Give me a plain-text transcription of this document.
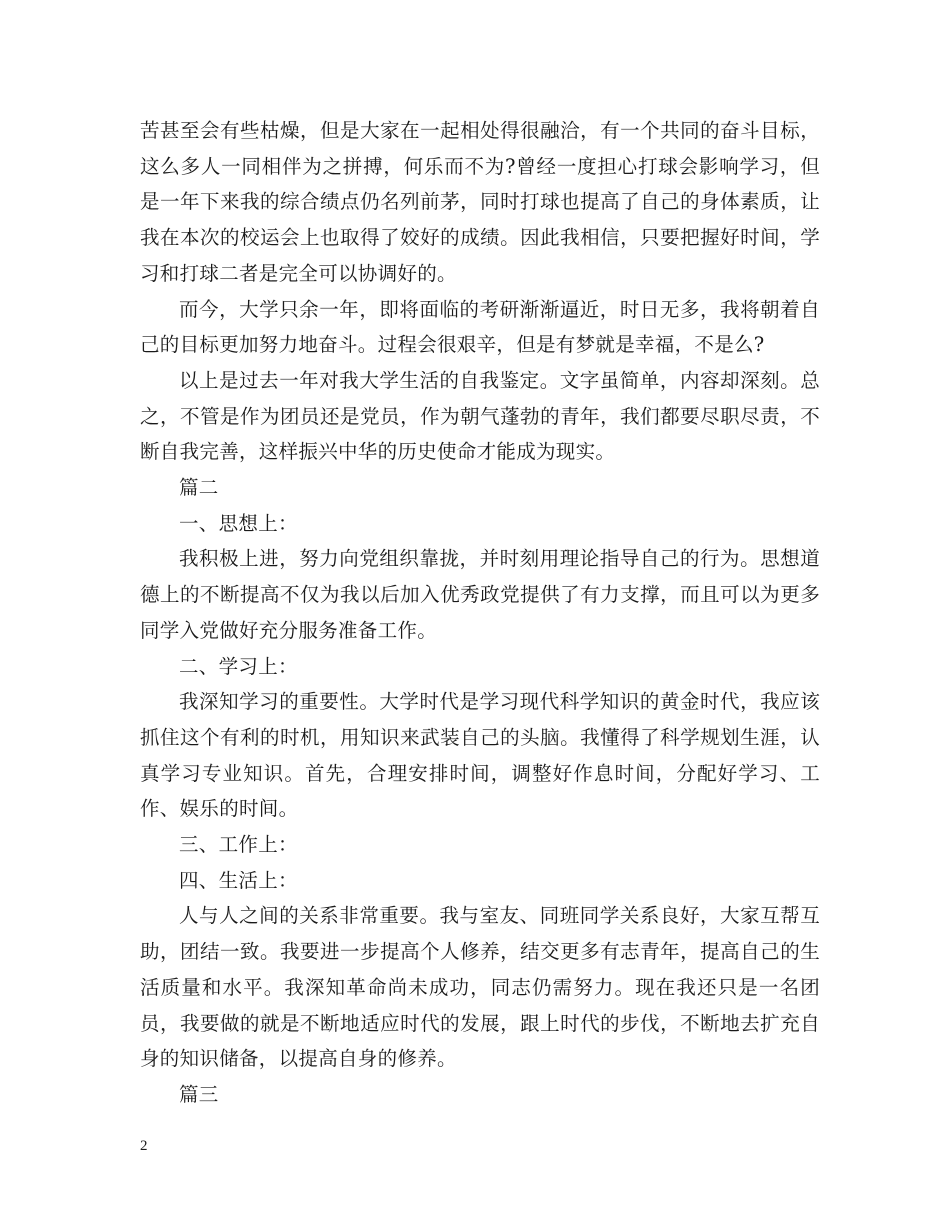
苦甚至会有些枯燥，但是大家在一起相处得很融洽，有一个共同的奋斗目标，这么多人一同相伴为之拼搏，何乐而不为?曾经一度担心打球会影响学习，但是一年下来我的综合绩点仍名列前茅，同时打球也提高了自己的身体素质，让我在本次的校运会上也取得了姣好的成绩。因此我相信，只要把握好时间，学习和打球二者是完全可以协调好的。

而今，大学只余一年，即将面临的考研渐渐逼近，时日无多，我将朝着自己的目标更加努力地奋斗。过程会很艰辛，但是有梦就是幸福，不是么?

以上是过去一年对我大学生活的自我鉴定。文字虽简单，内容却深刻。总之，不管是作为团员还是党员，作为朝气蓬勃的青年，我们都要尽职尽责，不断自我完善，这样振兴中华的历史使命才能成为现实。

篇二

一、思想上：

我积极上进，努力向党组织靠拢，并时刻用理论指导自己的行为。思想道德上的不断提高不仅为我以后加入优秀政党提供了有力支撑，而且可以为更多同学入党做好充分服务准备工作。

二、学习上：

我深知学习的重要性。大学时代是学习现代科学知识的黄金时代，我应该抓住这个有利的时机，用知识来武装自己的头脑。我懂得了科学规划生涯，认真学习专业知识。首先，合理安排时间，调整好作息时间，分配好学习、工作、娱乐的时间。

三、工作上：

四、生活上：

人与人之间的关系非常重要。我与室友、同班同学关系良好，大家互帮互助，团结一致。我要进一步提高个人修养，结交更多有志青年，提高自己的生活质量和水平。我深知革命尚未成功，同志仍需努力。现在我还只是一名团员，我要做的就是不断地适应时代的发展，跟上时代的步伐，不断地去扩充自身的知识储备，以提高自身的修养。

篇三

2
